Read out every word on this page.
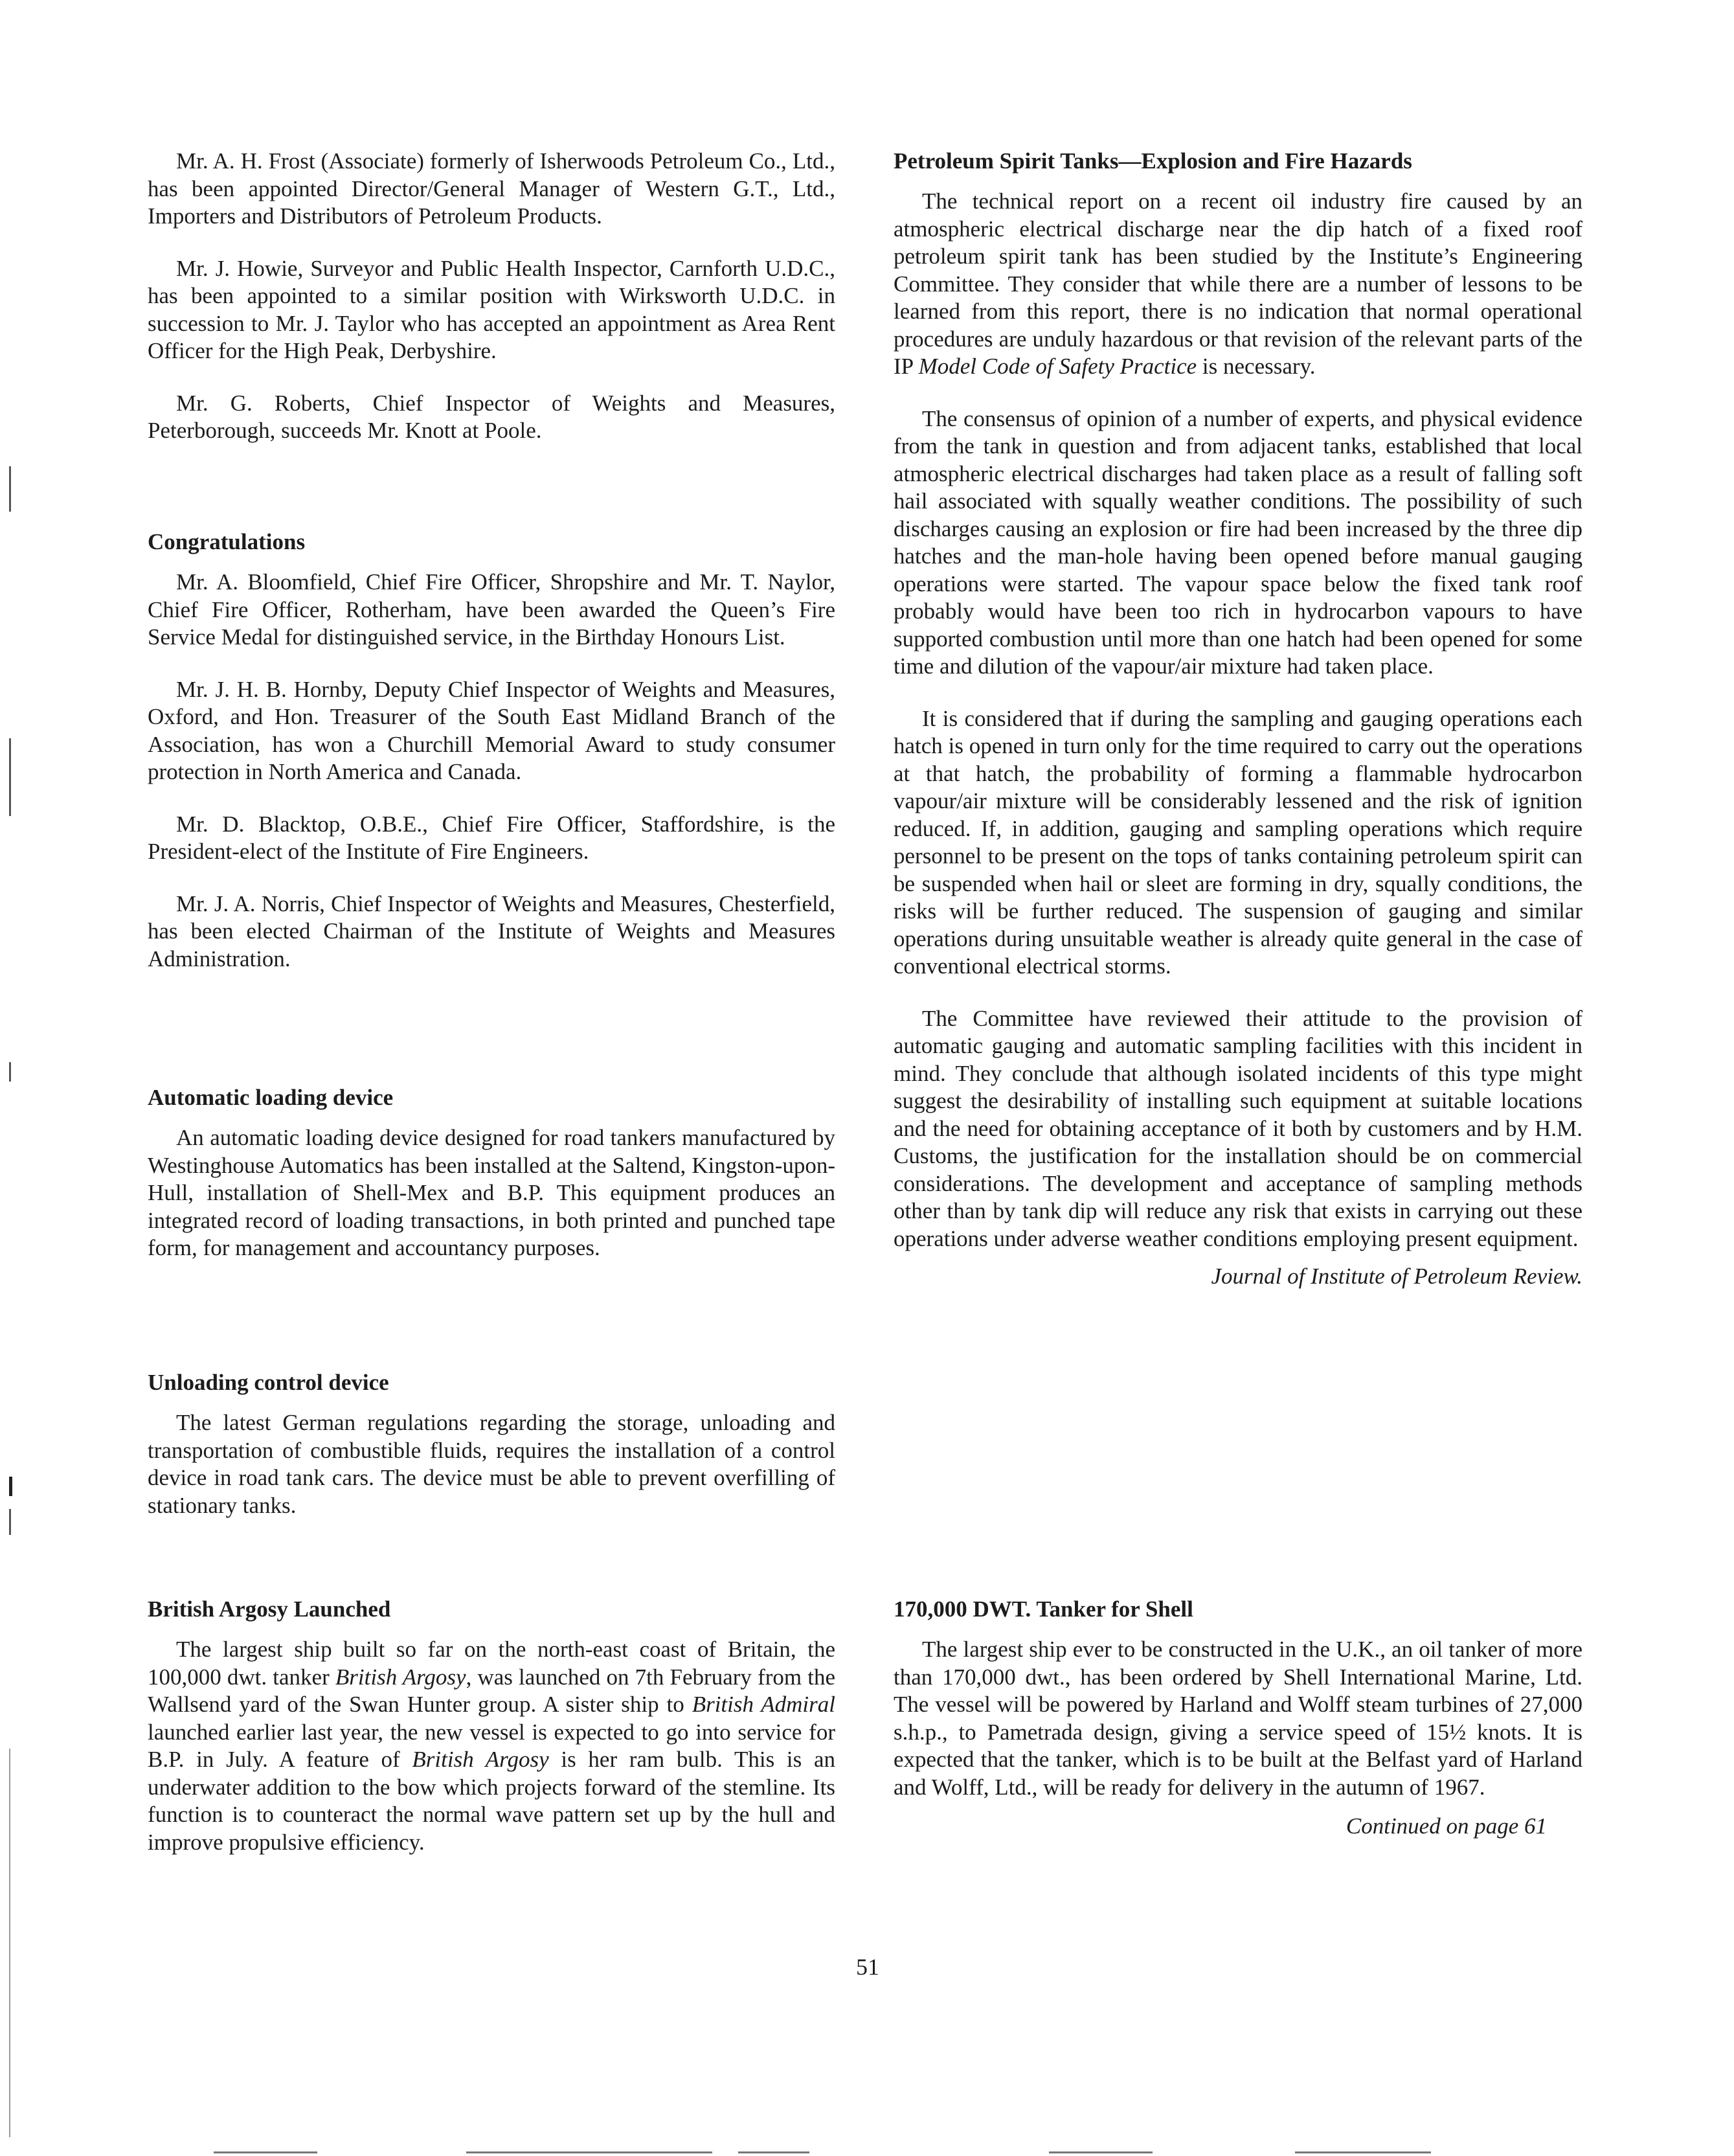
Mr. A. H. Frost (Associate) formerly of Isherwoods Petroleum Co., Ltd., has been appointed Director/General Manager of Western G.T., Ltd., Importers and Distributors of Petroleum Products.

Mr. J. Howie, Surveyor and Public Health Inspector, Carnforth U.D.C., has been appointed to a similar position with Wirksworth U.D.C. in succession to Mr. J. Taylor who has accepted an appointment as Area Rent Officer for the High Peak, Derbyshire.

Mr. G. Roberts, Chief Inspector of Weights and Measures, Peterborough, succeeds Mr. Knott at Poole.

Congratulations

Mr. A. Bloomfield, Chief Fire Officer, Shropshire and Mr. T. Naylor, Chief Fire Officer, Rotherham, have been awarded the Queen’s Fire Service Medal for distinguished service, in the Birthday Honours List.

Mr. J. H. B. Hornby, Deputy Chief Inspector of Weights and Measures, Oxford, and Hon. Treasurer of the South East Midland Branch of the Association, has won a Churchill Memorial Award to study consumer protection in North America and Canada.

Mr. D. Blacktop, O.B.E., Chief Fire Officer, Staffordshire, is the President-elect of the Institute of Fire Engineers.

Mr. J. A. Norris, Chief Inspector of Weights and Measures, Chesterfield, has been elected Chairman of the Institute of Weights and Measures Administration.

Automatic loading device

An automatic loading device designed for road tankers manufactured by Westinghouse Automatics has been installed at the Saltend, Kingston-upon-Hull, installation of Shell-Mex and B.P. This equipment produces an integrated record of loading transactions, in both printed and punched tape form, for management and accountancy purposes.

Unloading control device

The latest German regulations regarding the storage, unloading and transportation of combustible fluids, requires the installation of a control device in road tank cars. The device must be able to prevent overfilling of stationary tanks.

British Argosy Launched

The largest ship built so far on the north-east coast of Britain, the 100,000 dwt. tanker British Argosy, was launched on 7th February from the Wallsend yard of the Swan Hunter group. A sister ship to British Admiral launched earlier last year, the new vessel is expected to go into service for B.P. in July. A feature of British Argosy is her ram bulb. This is an underwater addition to the bow which projects forward of the stemline. Its function is to counteract the normal wave pattern set up by the hull and improve propulsive efficiency.

Petroleum Spirit Tanks—Explosion and Fire Hazards

The technical report on a recent oil industry fire caused by an atmospheric electrical discharge near the dip hatch of a fixed roof petroleum spirit tank has been studied by the Institute’s Engineering Committee. They consider that while there are a number of lessons to be learned from this report, there is no indication that normal operational procedures are unduly hazardous or that revision of the relevant parts of the IP Model Code of Safety Practice is necessary.

The consensus of opinion of a number of experts, and physical evidence from the tank in question and from adjacent tanks, established that local atmospheric electrical discharges had taken place as a result of falling soft hail associated with squally weather conditions. The possibility of such discharges causing an explosion or fire had been increased by the three dip hatches and the man-hole having been opened before manual gauging operations were started. The vapour space below the fixed tank roof probably would have been too rich in hydrocarbon vapours to have supported combustion until more than one hatch had been opened for some time and dilution of the vapour/air mixture had taken place.

It is considered that if during the sampling and gauging operations each hatch is opened in turn only for the time required to carry out the operations at that hatch, the probability of forming a flammable hydrocarbon vapour/air mixture will be considerably lessened and the risk of ignition reduced. If, in addition, gauging and sampling operations which require personnel to be present on the tops of tanks containing petroleum spirit can be suspended when hail or sleet are forming in dry, squally conditions, the risks will be further reduced. The suspension of gauging and similar operations during unsuitable weather is already quite general in the case of conventional electrical storms.

The Committee have reviewed their attitude to the provision of automatic gauging and automatic sampling facilities with this incident in mind. They conclude that although isolated incidents of this type might suggest the desirability of installing such equipment at suitable locations and the need for obtaining acceptance of it both by customers and by H.M. Customs, the justification for the installation should be on commercial considerations. The development and acceptance of sampling methods other than by tank dip will reduce any risk that exists in carrying out these operations under adverse weather conditions employing present equipment.

Journal of Institute of Petroleum Review.

170,000 DWT. Tanker for Shell

The largest ship ever to be constructed in the U.K., an oil tanker of more than 170,000 dwt., has been ordered by Shell International Marine, Ltd. The vessel will be powered by Harland and Wolff steam turbines of 27,000 s.h.p., to Pametrada design, giving a service speed of 15½ knots. It is expected that the tanker, which is to be built at the Belfast yard of Harland and Wolff, Ltd., will be ready for delivery in the autumn of 1967.

Continued on page 61

51
